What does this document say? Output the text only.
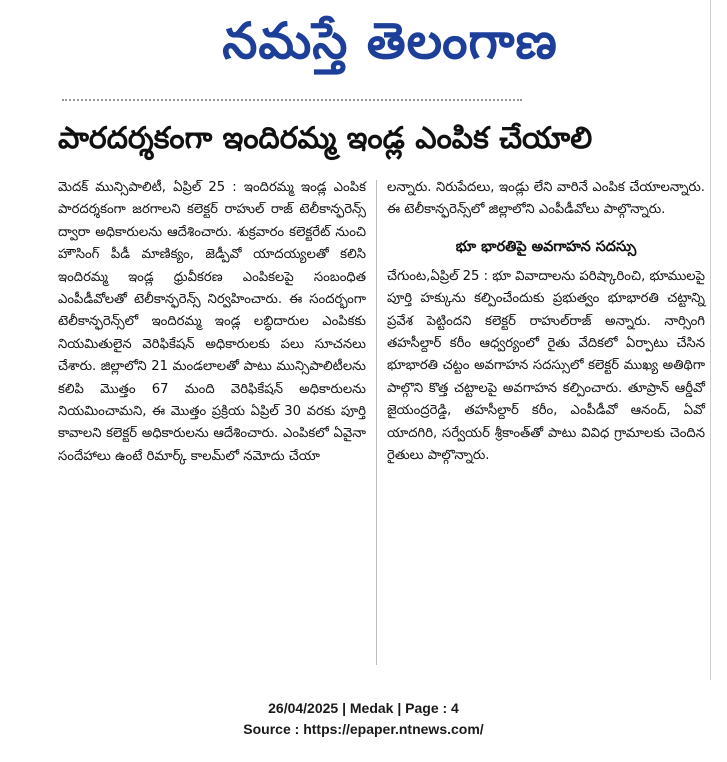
నమస్తే తెలంగాణ
పారదర్శకంగా ఇందిరమ్మ ఇండ్ల ఎంపిక చేయాలి

మెదక్ మున్సిపాలిటీ, ఏప్రిల్ 25 : ఇందిరమ్మ ఇండ్ల ఎంపిక పారదర్శకంగా జరగాలని కలెక్టర్ రాహుల్ రాజ్ టెలీకాన్ఫరెన్స్ ద్వారా అధికారులను ఆదేశించారు. శుక్రవారం కలెక్టరేట్ నుంచి హౌసింగ్ పీడీ మాణిక్యం, జెడ్పీవో యాదయ్యలతో కలిసి ఇందిరమ్మ ఇండ్ల ధ్రువీకరణ ఎంపికలపై సంబంధిత ఎంపీడీవోలతో టెలీకాన్ఫరెన్స్ నిర్వహించారు. ఈ సందర్భంగా టెలీకాన్ఫరెన్స్‌లో ఇందిరమ్మ ఇండ్ల లబ్ధిదారుల ఎంపికకు నియమితులైన వెరిఫికేషన్ అధికారులకు పలు సూచనలు చేశారు. జిల్లాలోని 21 మండలాలతో పాటు మున్సిపాలిటీలను కలిపి మొత్తం 67 మంది వెరిఫికేషన్ అధికారులను నియమించామని, ఈ మొత్తం ప్రక్రియ ఏప్రిల్ 30 వరకు పూర్తి కావాలని కలెక్టర్ అధికారులను ఆదేశించారు. ఎంపికలో ఏవైనా సందేహాలు ఉంటే రిమార్క్ కాలమ్‌లో నమోదు చేయా

లన్నారు. నిరుపేదలు, ఇండ్లు లేని వారినే ఎంపిక చేయాలన్నారు. ఈ టెలీకాన్ఫరెన్స్‌లో జిల్లాలోని ఎంపీడీవోలు పాల్గొన్నారు.

భూ భారతిపై అవగాహన సదస్సు

చేగుంట,ఏప్రిల్ 25 : భూ వివాదాలను పరిష్కారించి, భూములపై పూర్తి హక్కును కల్పించేందుకు ప్రభుత్వం భూభారతి చట్టాన్ని ప్రవేశ పెట్టిందని కలెక్టర్ రాహుల్‌రాజ్ అన్నారు. నార్సింగి తహసీల్దార్ కరీం ఆధ్వర్యంలో రైతు వేదికలో ఏర్పాటు చేసిన భూభారతి చట్టం అవగాహన సదస్సులో కలెక్టర్ ముఖ్య అతిథిగా పాల్గొని కొత్త చట్టాలపై అవగాహన కల్పించారు. తూప్రాన్ ఆర్డీవో జైయంద్రరెడ్డి, తహసీల్దార్ కరీం, ఎంపీడీవో ఆనంద్, ఏవో యాదగిరి, సర్వేయర్ శ్రీకాంత్‌తో పాటు వివిధ గ్రామాలకు చెందిన రైతులు పాల్గొన్నారు.

26/04/2025 | Medak | Page : 4
Source : https://epaper.ntnews.com/
